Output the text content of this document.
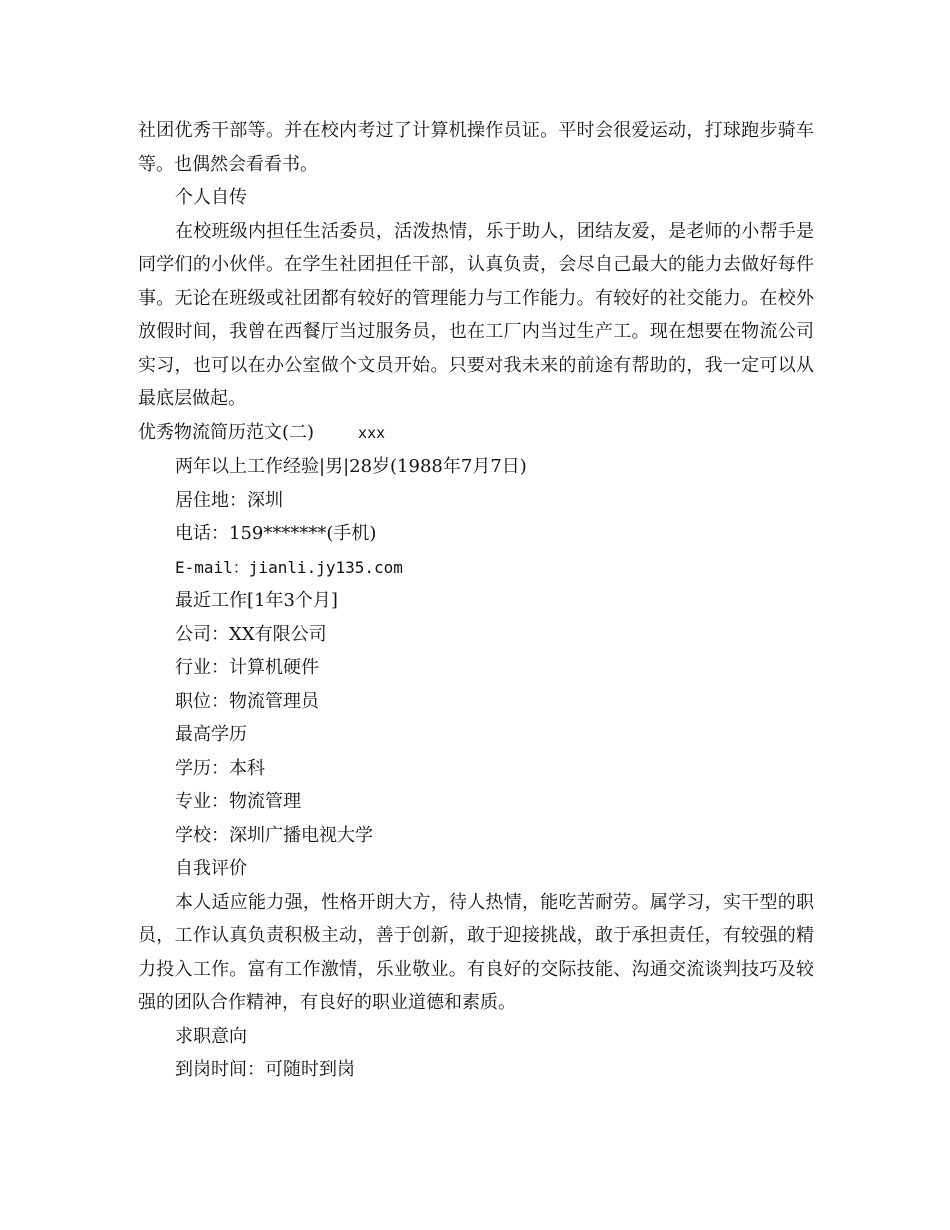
社团优秀干部等。并在校内考过了计算机操作员证。平时会很爱运动，打球跑步骑车等。也偶然会看看书。

个人自传

在校班级内担任生活委员，活泼热情，乐于助人，团结友爱，是老师的小帮手是同学们的小伙伴。在学生社团担任干部，认真负责，会尽自己最大的能力去做好每件事。无论在班级或社团都有较好的管理能力与工作能力。有较好的社交能力。在校外放假时间，我曾在西餐厅当过服务员，也在工厂内当过生产工。现在想要在物流公司实习，也可以在办公室做个文员开始。只要对我未来的前途有帮助的，我一定可以从最底层做起。

优秀物流简历范文(二)	xxx

两年以上工作经验|男|28岁(1988年7月7日)

居住地：深圳

电话：159*******(手机)

E-mail：jianli.jy135.com

最近工作[1年3个月]

公司：XX有限公司

行业：计算机硬件

职位：物流管理员

最高学历

学历：本科

专业：物流管理

学校：深圳广播电视大学

自我评价

本人适应能力强，性格开朗大方，待人热情，能吃苦耐劳。属学习，实干型的职员，工作认真负责积极主动，善于创新，敢于迎接挑战，敢于承担责任，有较强的精力投入工作。富有工作激情，乐业敬业。有良好的交际技能、沟通交流谈判技巧及较强的团队合作精神，有良好的职业道德和素质。

求职意向

到岗时间：可随时到岗
